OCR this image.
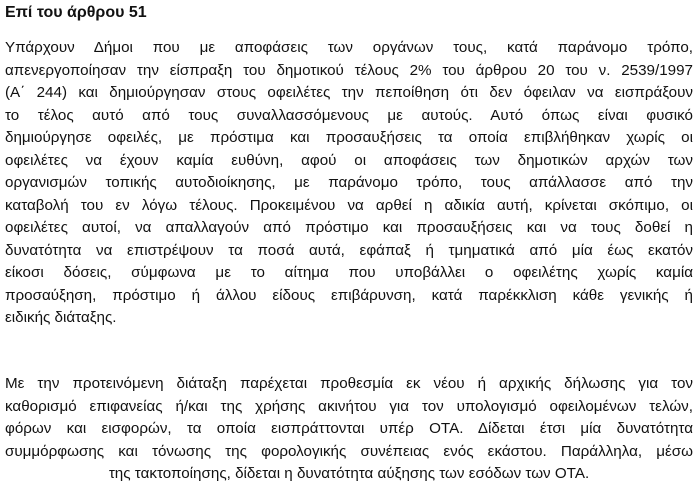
Επί του άρθρου 51
Υπάρχουν Δήμοι που με αποφάσεις των οργάνων τους, κατά παράνομο τρόπο,
απενεργοποίησαν την είσπραξη του δημοτικού τέλους 2% του άρθρου 20 του ν. 2539/1997
(Α΄ 244) και δημιούργησαν στους οφειλέτες την πεποίθηση ότι δεν όφειλαν να εισπράξουν
το τέλος αυτό από τους συναλλασσόμενους με αυτούς. Αυτό όπως είναι φυσικό
δημιούργησε οφειλές, με πρόστιμα και προσαυξήσεις τα οποία επιβλήθηκαν χωρίς οι
οφειλέτες να έχουν καμία ευθύνη, αφού οι αποφάσεις των δημοτικών αρχών των
οργανισμών τοπικής αυτοδιοίκησης, με παράνομο τρόπο, τους απάλλασσε από την
καταβολή του εν λόγω τέλους. Προκειμένου να αρθεί η αδικία αυτή, κρίνεται σκόπιμο, οι
οφειλέτες αυτοί, να απαλλαγούν από πρόστιμο και προσαυξήσεις και να τους δοθεί η
δυνατότητα να επιστρέψουν τα ποσά αυτά, εφάπαξ ή τμηματικά από μία έως εκατόν
είκοσι δόσεις, σύμφωνα με το αίτημα που υποβάλλει ο οφειλέτης χωρίς καμία
προσαύξηση, πρόστιμο ή άλλου είδους επιβάρυνση, κατά παρέκκλιση κάθε γενικής ή
ειδικής διάταξης.
Με την προτεινόμενη διάταξη παρέχεται προθεσμία εκ νέου ή αρχικής δήλωσης για τον
καθορισμό επιφανείας ή/και της χρήσης ακινήτου για τον υπολογισμό οφειλομένων τελών,
φόρων και εισφορών, τα οποία εισπράττονται υπέρ ΟΤΑ. Δίδεται έτσι μία δυνατότητα
συμμόρφωσης και τόνωσης της φορολογικής συνέπειας ενός εκάστου. Παράλληλα, μέσω
της τακτοποίησης, δίδεται η δυνατότητα αύξησης των εσόδων των ΟΤΑ.
